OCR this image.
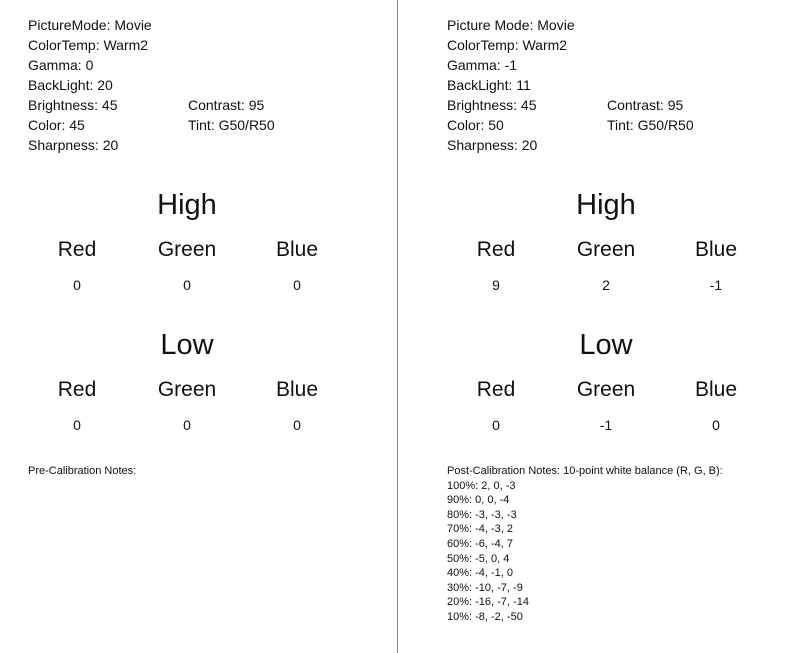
PictureMode: Movie
ColorTemp: Warm2
Gamma: 0
BackLight: 20
Brightness: 45	Contrast: 95
Color: 45	Tint: G50/R50
Sharpness: 20
High
Red	Green	Blue
0	0	0
Low
Red	Green	Blue
0	0	0
Pre-Calibration Notes:
Picture Mode: Movie
ColorTemp: Warm2
Gamma: -1
BackLight: 11
Brightness: 45	Contrast: 95
Color: 50	Tint: G50/R50
Sharpness: 20
High
Red	Green	Blue
9	2	-1
Low
Red	Green	Blue
0	-1	0
Post-Calibration Notes: 10-point white balance (R, G, B):
100%: 2, 0, -3
90%: 0, 0, -4
80%: -3, -3, -3
70%: -4, -3, 2
60%: -6, -4, 7
50%: -5, 0, 4
40%: -4, -1, 0
30%: -10, -7, -9
20%: -16, -7, -14
10%: -8, -2, -50
